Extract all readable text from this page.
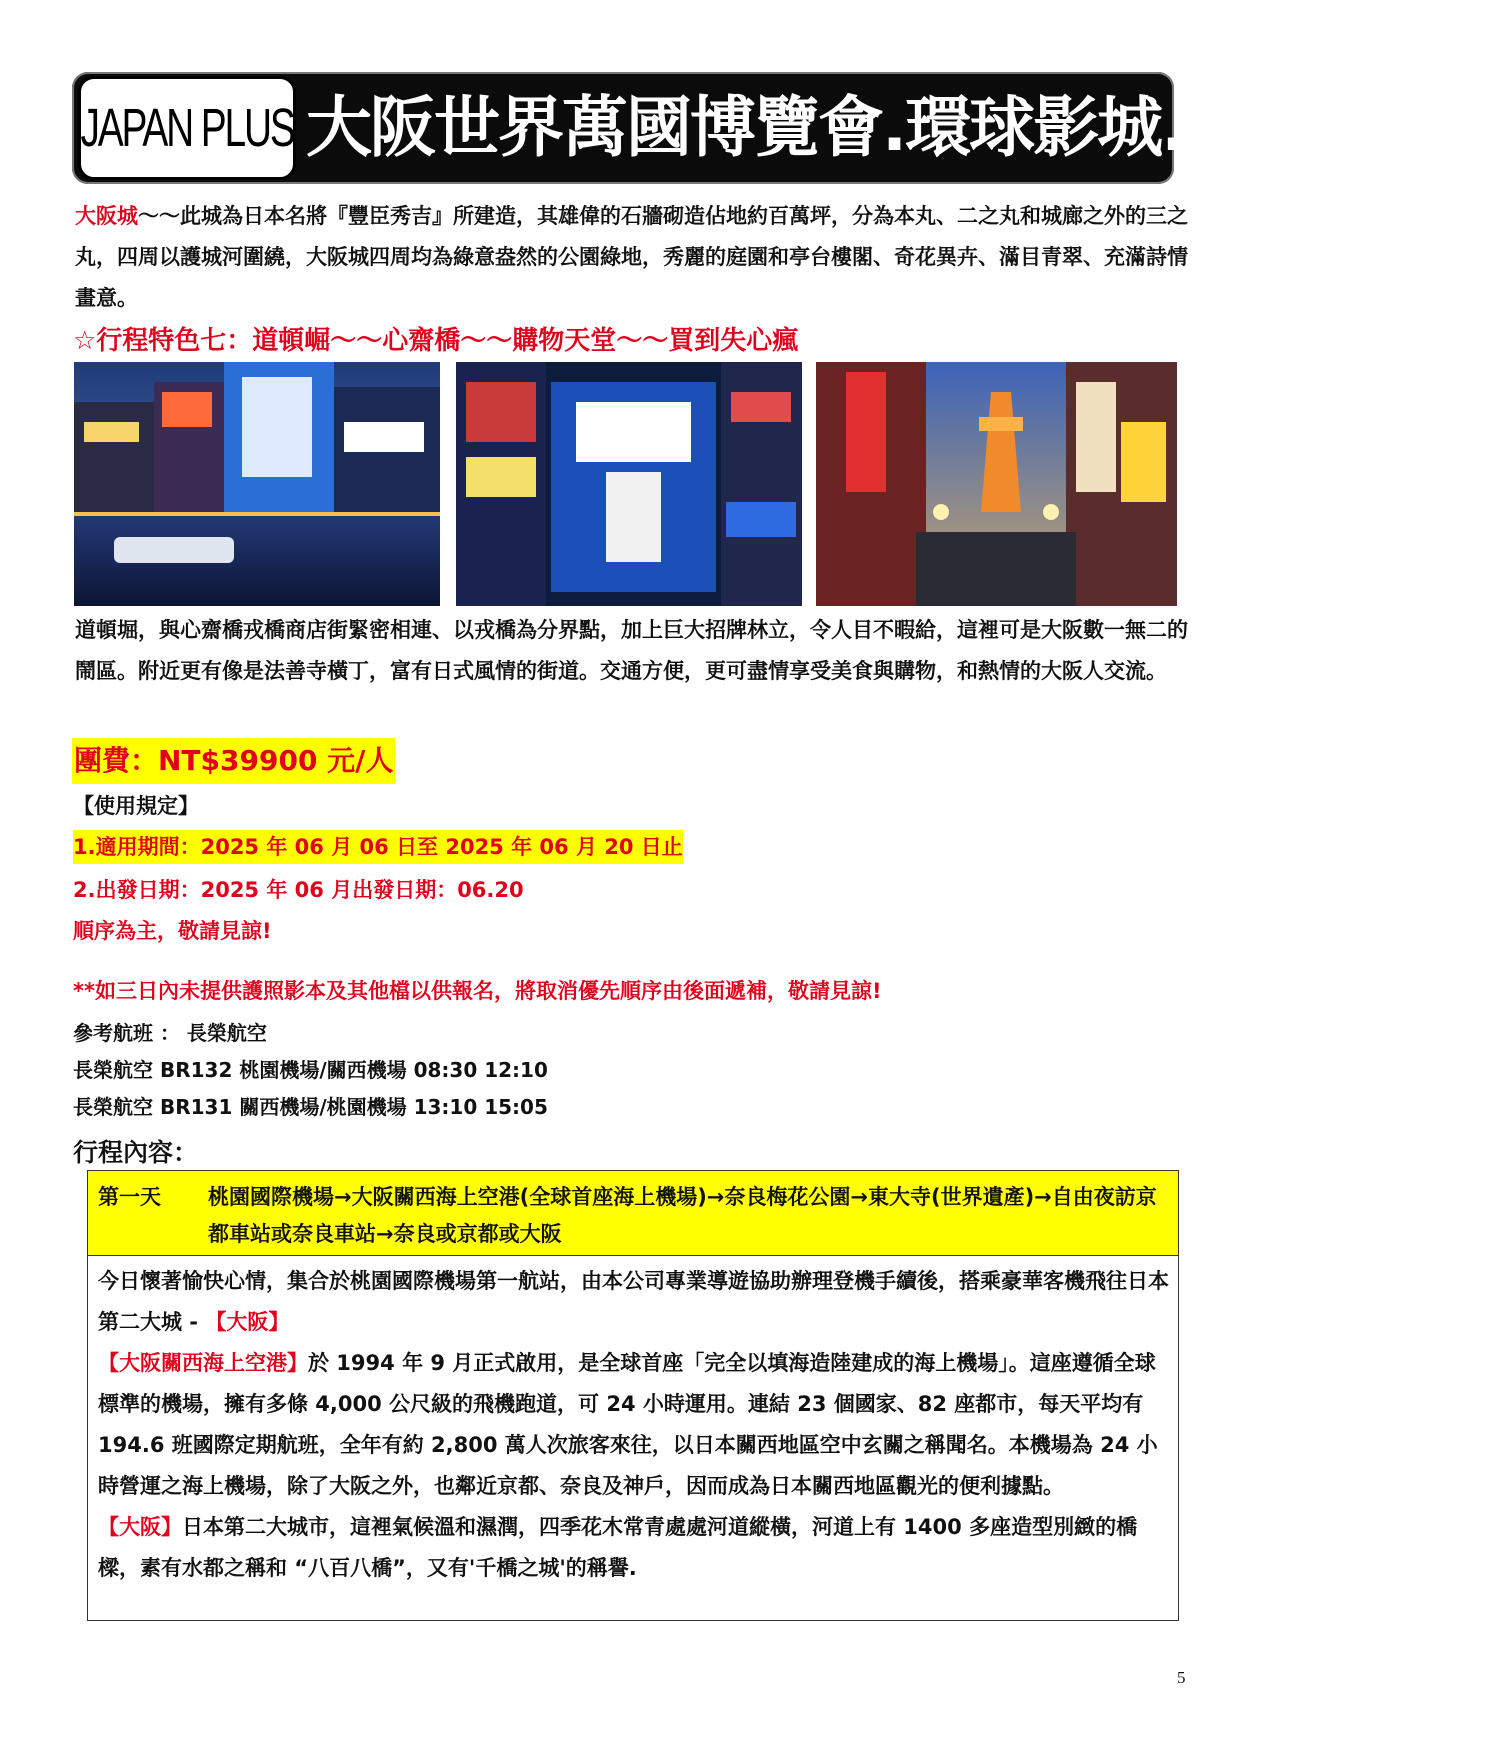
JAPAN PLUS 大阪世界萬國博覽會.環球影城.夢洲島五日
大阪城～～此城為日本名將『豐臣秀吉』所建造，其雄偉的石牆砌造佔地約百萬坪，分為本丸、二之丸和城廊之外的三之丸，四周以護城河圍繞，大阪城四周均為綠意盎然的公園綠地，秀麗的庭園和亭台樓閣、奇花異卉、滿目青翠、充滿詩情畫意。
☆行程特色七：道頓崛～～心齋橋～～購物天堂～～買到失心瘋
道頓堀，與心齋橋戎橋商店街緊密相連、以戎橋為分界點，加上巨大招牌林立，令人目不暇給，這裡可是大阪數一無二的鬧區。附近更有像是法善寺橫丁，富有日式風情的街道。交通方便，更可盡情享受美食與購物，和熱情的大阪人交流。
團費：NT$39900 元/人
【使用規定】
1.適用期間：2025 年 06 月 06 日至 2025 年 06 月 20 日止
2.出發日期：2025 年 06 月出發日期：06.20
順序為主，敬請見諒!
**如三日內未提供護照影本及其他檔以供報名，將取消優先順序由後面遞補，敬請見諒!
參考航班 ： 長榮航空
長榮航空 BR132 桃園機場/關西機場 08:30 12:10
長榮航空 BR131 關西機場/桃園機場 13:10 15:05
行程內容：
第一天 桃園國際機場→大阪關西海上空港(全球首座海上機場)→奈良梅花公園→東大寺(世界遺產)→自由夜訪京都車站或奈良車站→奈良或京都或大阪
今日懷著愉快心情，集合於桃園國際機場第一航站，由本公司專業導遊協助辦理登機手續後，搭乘豪華客機飛往日本第二大城 - 【大阪】
【大阪關西海上空港】於 1994 年 9 月正式啟用，是全球首座「完全以填海造陸建成的海上機場」。這座遵循全球標準的機場，擁有多條 4,000 公尺級的飛機跑道，可 24 小時運用。連結 23 個國家、82 座都市，每天平均有 194.6 班國際定期航班，全年有約 2,800 萬人次旅客來往，以日本關西地區空中玄關之稱聞名。本機場為 24 小時營運之海上機場，除了大阪之外，也鄰近京都、奈良及神戶，因而成為日本關西地區觀光的便利據點。
【大阪】日本第二大城市，這裡氣候溫和濕潤，四季花木常青處處河道縱橫，河道上有 1400 多座造型別緻的橋樑，素有水都之稱和 “八百八橋”，又有'千橋之城'的稱譽.
5
